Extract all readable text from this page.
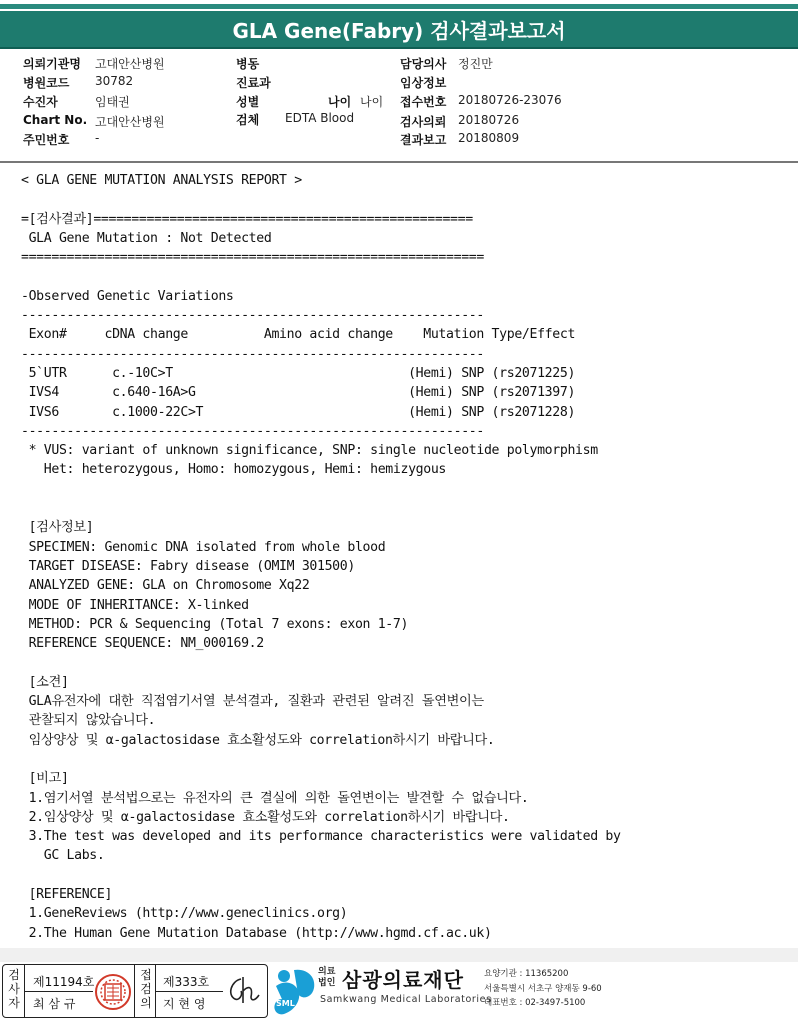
GLA Gene(Fabry) 검사결과보고서
의뢰기관명 고대안산병원	병동	담당의사 정진만
병원코드 30782	진료과	임상정보
수진자	임태권	성별	나이 나이 접수번호 20180726-23076
Chart No. 고대안산병원	검체 EDTA Blood	검사의뢰 20180726
주민번호 -	결과보고 20180809
< GLA GENE MUTATION ANALYSIS REPORT >
=[검사결과]==================================================
GLA Gene Mutation : Not Detected
=============================================================
-Observed Genetic Variations
-------------------------------------------------------------
Exon#     cDNA change          Amino acid change    Mutation Type/Effect
-------------------------------------------------------------
5`UTR      c.-10C>T                               (Hemi) SNP (rs2071225)
IVS4       c.640-16A>G                            (Hemi) SNP (rs2071397)
IVS6       c.1000-22C>T                           (Hemi) SNP (rs2071228)
-------------------------------------------------------------
* VUS: variant of unknown significance, SNP: single nucleotide polymorphism
Het: heterozygous, Homo: homozygous, Hemi: hemizygous
[검사정보]
SPECIMEN: Genomic DNA isolated from whole blood
TARGET DISEASE: Fabry disease (OMIM 301500)
ANALYZED GENE: GLA on Chromosome Xq22
MODE OF INHERITANCE: X-linked
METHOD: PCR & Sequencing (Total 7 exons: exon 1-7)
REFERENCE SEQUENCE: NM_000169.2
[소견]
GLA유전자에 대한 직접염기서열 분석결과, 질환과 관련된 알려진 돌연변이는
관찰되지 않았습니다.
임상양상 및 α-galactosidase 효소활성도와 correlation하시기 바랍니다.
[비고]
1.염기서열 분석법으로는 유전자의 큰 결실에 의한 돌연변이는 발견할 수 없습니다.
2.임상양상 및 α-galactosidase 효소활성도와 correlation하시기 바랍니다.
3.The test was developed and its performance characteristics were validated by
GC Labs.
[REFERENCE]
1.GeneReviews (http://www.geneclinics.org)
2.The Human Gene Mutation Database (http://www.hgmd.cf.ac.uk)
검
사
자
제11194호
최 삼 규
접
검
의
제333호
지 현 영	SML
의료
법인 삼광의료재단
Samkwang Medical Laboratories
요양기관 : 11365200
서울특별시 서초구 양재동 9-60
대표번호 : 02-3497-5100
